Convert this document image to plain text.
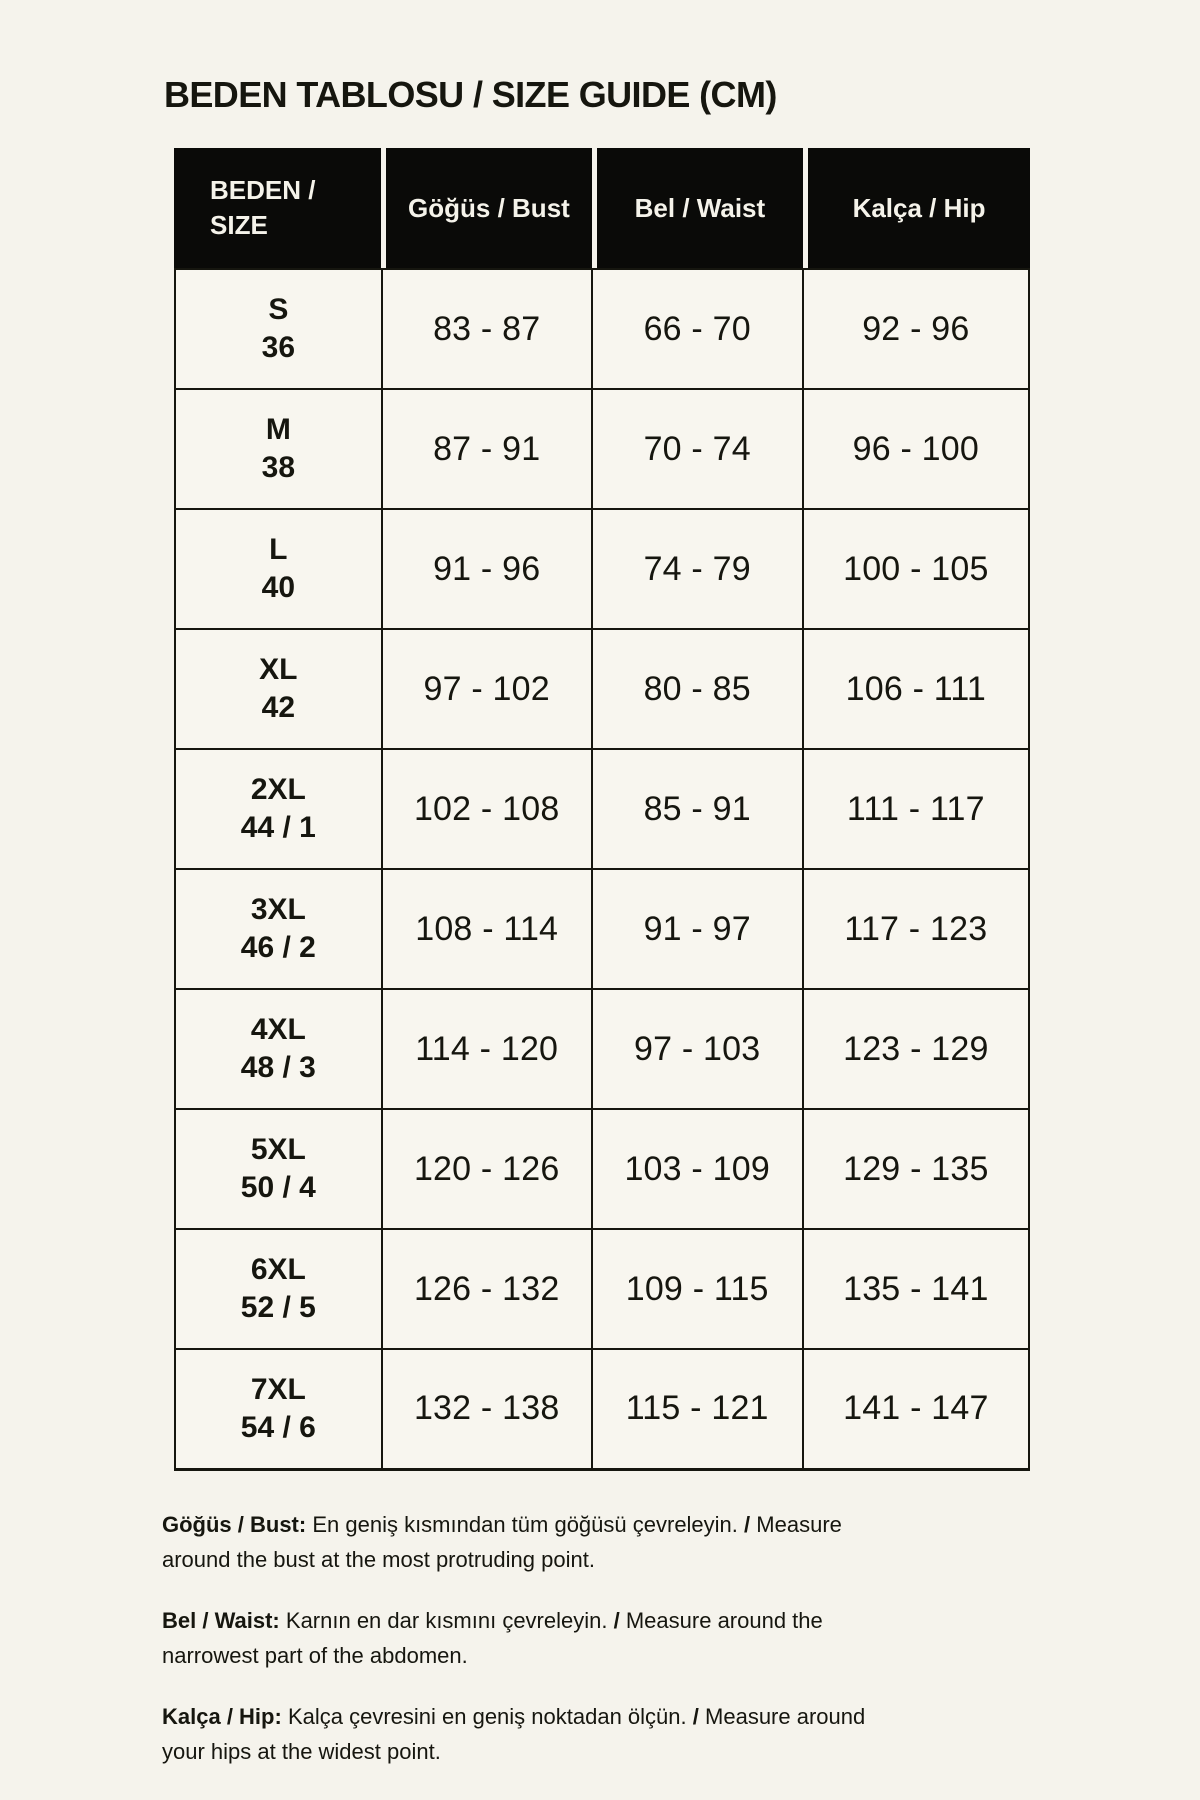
BEDEN TABLOSU / SIZE GUIDE (CM)
BEDEN /
SIZE
Göğüs / Bust	Bel / Waist	Kalça / Hip
S
36	83 - 87	66 - 70	92 - 96

M
38	87 - 91	70 - 74	96 - 100

L
40	91 - 96	74 - 79	100 - 105

XL
42	97 - 102	80 - 85	106 - 111

2XL
44 / 1	102 - 108	85 - 91	111 - 117

3XL
46 / 2	108 - 114	91 - 97	117 - 123

4XL
48 / 3	114 - 120	97 - 103	123 - 129

5XL
50 / 4	120 - 126	103 - 109	129 - 135

6XL
52 / 5	126 - 132	109 - 115	135 - 141

7XL
54 / 6	132 - 138	115 - 121	141 - 147

Göğüs / Bust: En geniş kısmından tüm göğüsü çevreleyin. / Measure around the bust at the most protruding point.

Bel / Waist: Karnın en dar kısmını çevreleyin. / Measure around the narrowest part of the abdomen.

Kalça / Hip: Kalça çevresini en geniş noktadan ölçün. / Measure around your hips at the widest point.
